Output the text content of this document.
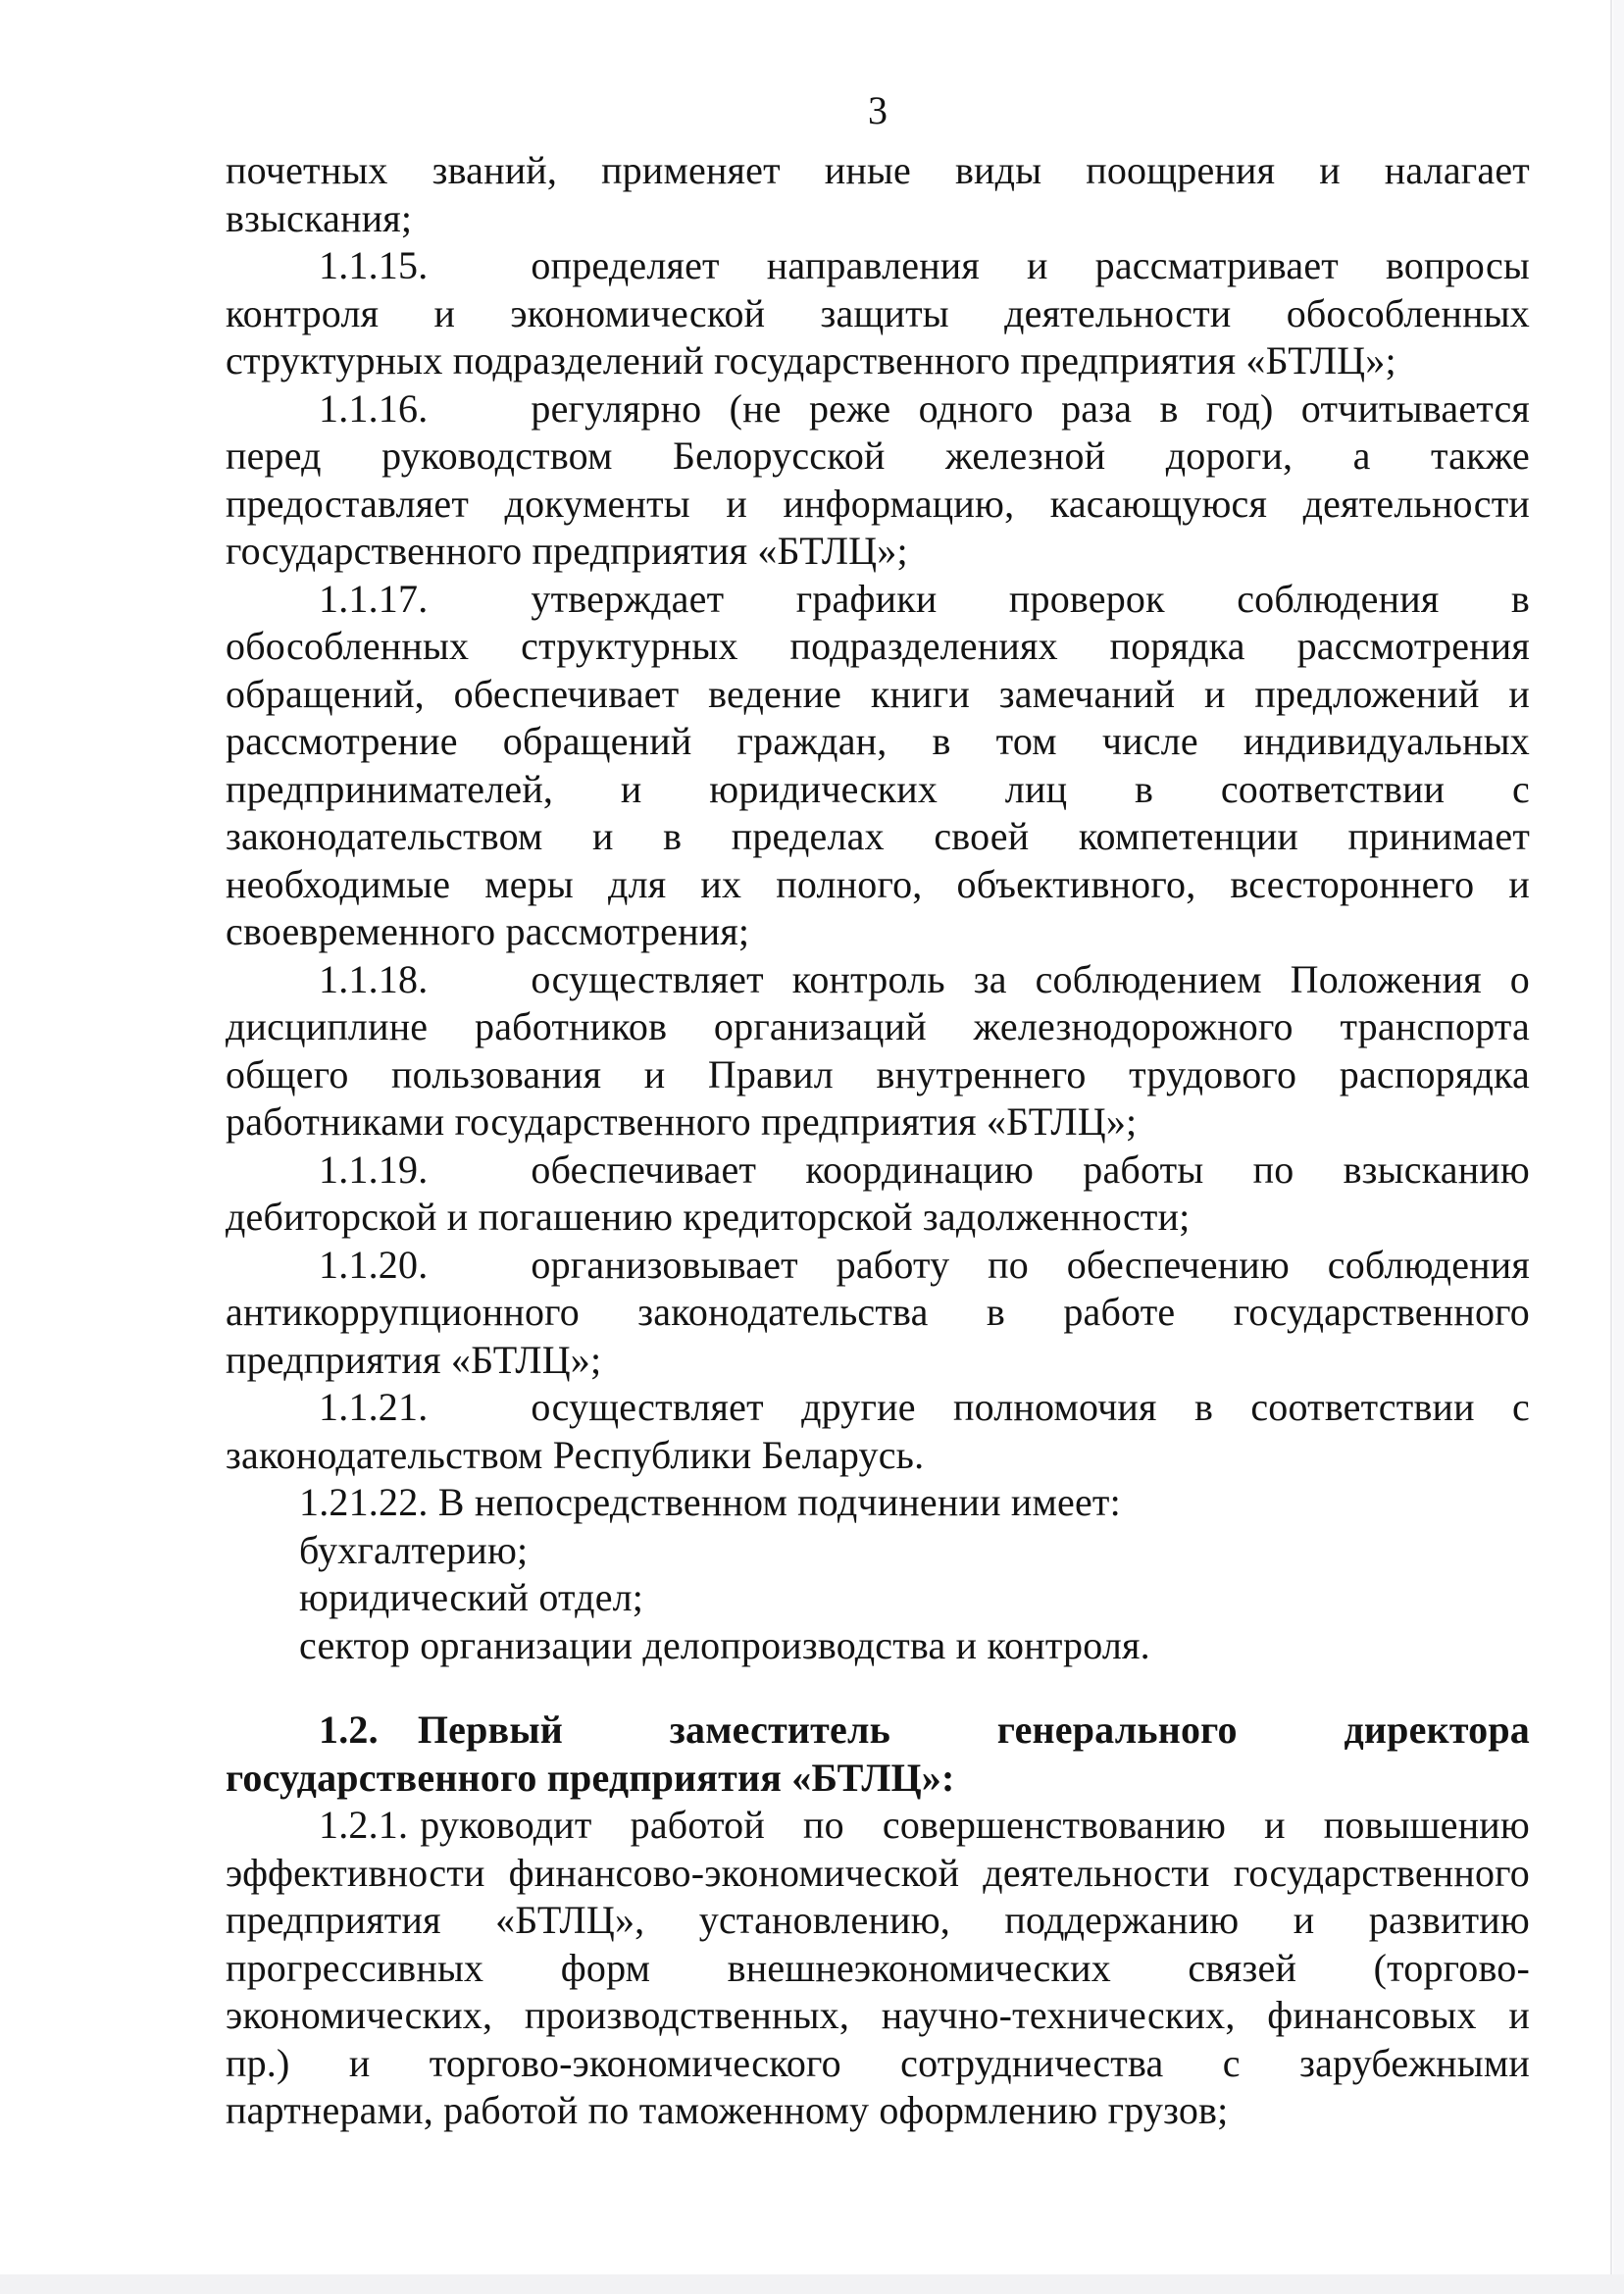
3
почетных званий, применяет иные виды поощрения и налагает
взыскания;
1.1.15.	определяет направления и рассматривает вопросы
контроля и экономической защиты деятельности обособленных
структурных подразделений государственного предприятия «БТЛЦ»;
1.1.16.	регулярно (не реже одного раза в год) отчитывается
перед руководством Белорусской железной дороги, а также
предоставляет документы и информацию, касающуюся деятельности
государственного предприятия «БТЛЦ»;
1.1.17.	утверждает графики проверок соблюдения в
обособленных структурных подразделениях порядка рассмотрения
обращений, обеспечивает ведение книги замечаний и предложений и
рассмотрение обращений граждан, в том числе индивидуальных
предпринимателей, и юридических лиц в соответствии с
законодательством и в пределах своей компетенции принимает
необходимые меры для их полного, объективного, всестороннего и
своевременного рассмотрения;
1.1.18.	осуществляет контроль за соблюдением Положения о
дисциплине работников организаций железнодорожного транспорта
общего пользования и Правил внутреннего трудового распорядка
работниками государственного предприятия «БТЛЦ»;
1.1.19.	обеспечивает координацию работы по взысканию
дебиторской и погашению кредиторской задолженности;
1.1.20.	организовывает работу по обеспечению соблюдения
антикоррупционного законодательства в работе государственного
предприятия «БТЛЦ»;
1.1.21.	осуществляет другие полномочия в соответствии с
законодательством Республики Беларусь.
1.21.22. В непосредственном подчинении имеет:
бухгалтерию;
юридический отдел;
сектор организации делопроизводства и контроля.
1.2. Первый заместитель генерального директора
государственного предприятия «БТЛЦ»:
1.2.1. руководит работой по совершенствованию и повышению
эффективности финансово-экономической деятельности государственного
предприятия «БТЛЦ», установлению, поддержанию и развитию
прогрессивных форм внешнеэкономических связей (торгово-
экономических, производственных, научно-технических, финансовых и
пр.) и торгово-экономического сотрудничества с зарубежными
партнерами, работой по таможенному оформлению грузов;
